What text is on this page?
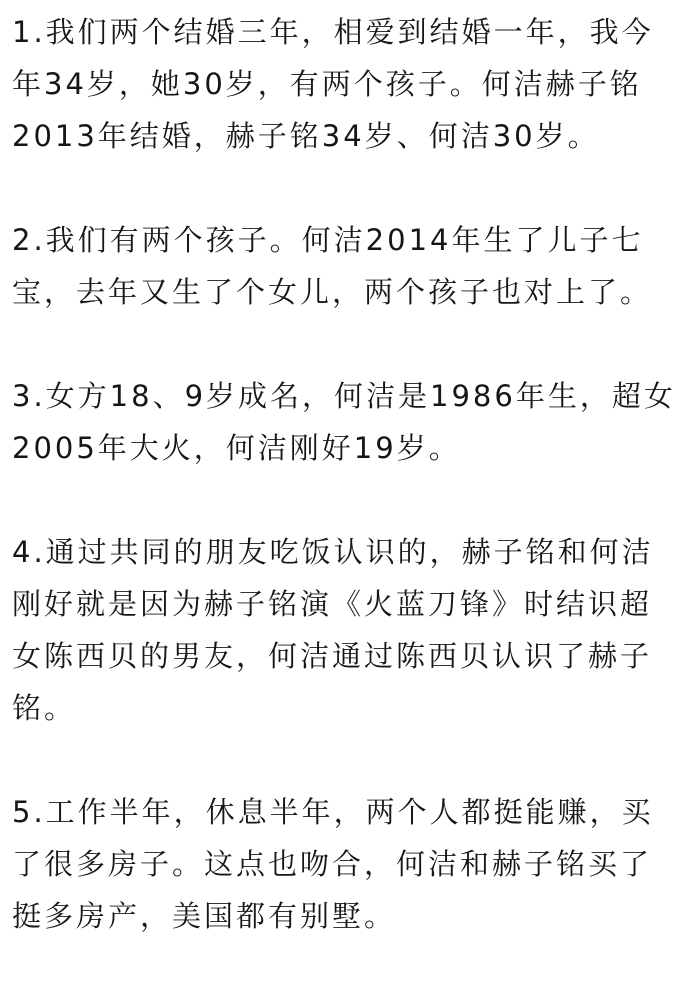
1.我们两个结婚三年，相爱到结婚一年，我今年34岁，她30岁，有两个孩子。何洁赫子铭2013年结婚，赫子铭34岁、何洁30岁。

2.我们有两个孩子。何洁2014年生了儿子七宝，去年又生了个女儿，两个孩子也对上了。

3.女方18、9岁成名，何洁是1986年生，超女2005年大火，何洁刚好19岁。

4.通过共同的朋友吃饭认识的，赫子铭和何洁刚好就是因为赫子铭演《火蓝刀锋》时结识超女陈西贝的男友，何洁通过陈西贝认识了赫子铭。

5.工作半年，休息半年，两个人都挺能赚，买了很多房子。这点也吻合，何洁和赫子铭买了挺多房产，美国都有别墅。
